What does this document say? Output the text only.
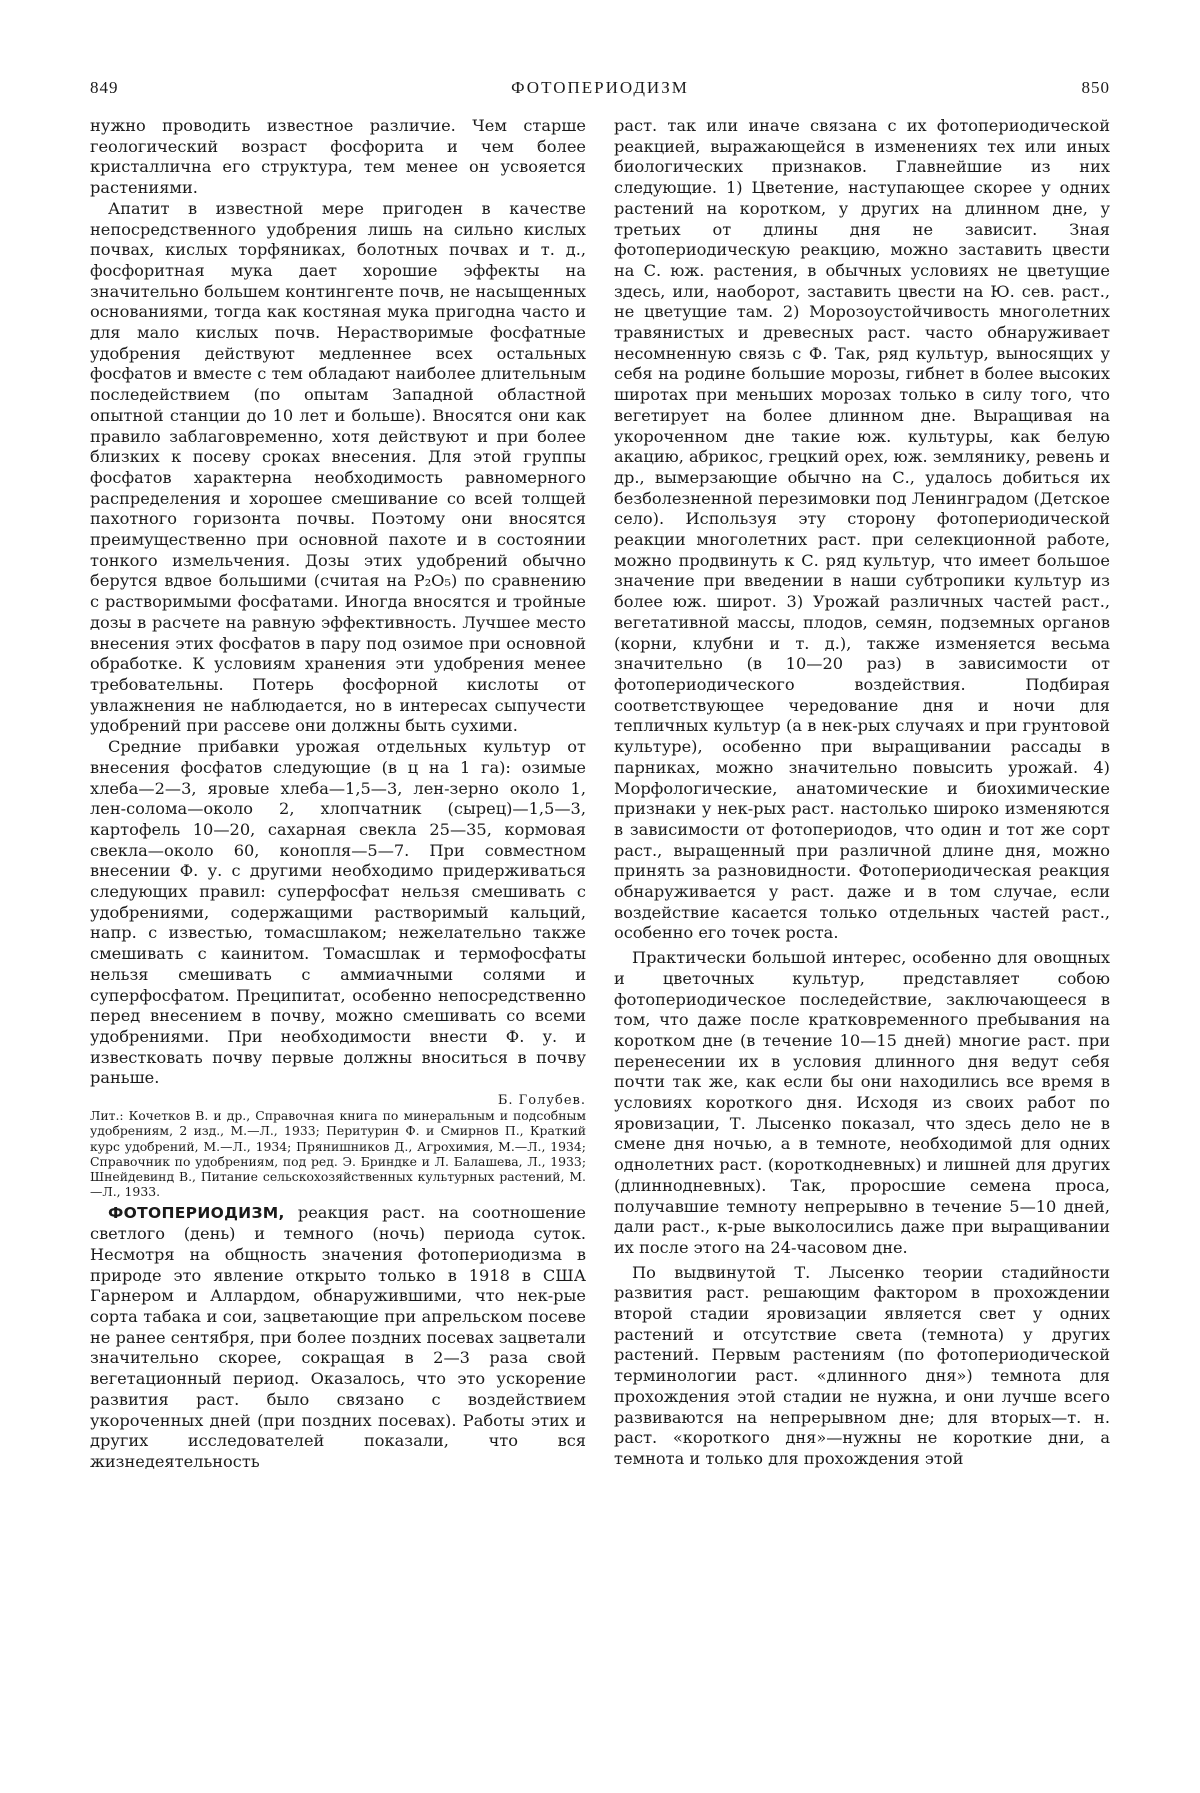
849	ФОТОПЕРИОДИЗМ	850

нужно проводить известное различие. Чем старше геологический возраст фосфорита и чем более кристаллична его структура, тем менее он усвояется растениями.

Апатит в известной мере пригоден в качестве непосредственного удобрения лишь на сильно кислых почвах, кислых торфяниках, болотных почвах и т. д., фосфоритная мука дает хорошие эффекты на значительно большем контингенте почв, не насыщенных основаниями, тогда как костяная мука пригодна часто и для мало кислых почв. Нерастворимые фосфатные удобрения действуют медленнее всех остальных фосфатов и вместе с тем обладают наиболее длительным последействием (по опытам Западной областной опытной станции до 10 лет и больше). Вносятся они как правило заблаговременно, хотя действуют и при более близких к посеву сроках внесения. Для этой группы фосфатов характерна необходимость равномерного распределения и хорошее смешивание со всей толщей пахотного горизонта почвы. Поэтому они вносятся преимущественно при основной пахоте и в состоянии тонкого измельчения. Дозы этих удобрений обычно берутся вдвое большими (считая на P₂O₅) по сравнению с растворимыми фосфатами. Иногда вносятся и тройные дозы в расчете на равную эффективность. Лучшее место внесения этих фосфатов в пару под озимое при основной обработке. К условиям хранения эти удобрения менее требовательны. Потерь фосфорной кислоты от увлажнения не наблюдается, но в интересах сыпучести удобрений при рассеве они должны быть сухими.

Средние прибавки урожая отдельных культур от внесения фосфатов следующие (в ц на 1 га): озимые хлеба—2—3, яровые хлеба—1,5—3, лен-зерно около 1, лен-солома—около 2, хлопчатник (сырец)—1,5—3, картофель 10—20, сахарная свекла 25—35, кормовая свекла—около 60, конопля—5—7. При совместном внесении Ф. у. с другими необходимо придерживаться следующих правил: суперфосфат нельзя смешивать с удобрениями, содержащими растворимый кальций, напр. с известью, томасшлаком; нежелательно также смешивать с каинитом. Томасшлак и термофосфаты нельзя смешивать с аммиачными солями и суперфосфатом. Преципитат, особенно непосредственно перед внесением в почву, можно смешивать со всеми удобрениями. При необходимости внести Ф. у. и известковать почву первые должны вноситься в почву раньше.

Б. Голубев.
Лит.: Кочетков В. и др., Справочная книга по минеральным и подсобным удобрениям, 2 изд., М.—Л., 1933; Перитурин Ф. и Смирнов П., Краткий курс удобрений, М.—Л., 1934; Прянишников Д., Агрохимия, М.—Л., 1934; Справочник по удобрениям, под ред. Э. Бриндке и Л. Балашева, Л., 1933; Шнейдевинд В., Питание сельскохозяйственных культурных растений, М.—Л., 1933.

ФОТОПЕРИОДИЗМ, реакция раст. на соотношение светлого (день) и темного (ночь) периода суток. Несмотря на общность значения фотопериодизма в природе это явление открыто только в 1918 в США Гарнером и Аллардом, обнаружившими, что нек-рые сорта табака и сои, зацветающие при апрельском посеве не ранее сентября, при более поздних посевах зацветали значительно скорее, сокращая в 2—3 раза свой вегетационный период. Оказалось, что это ускорение развития раст. было связано с воздействием укороченных дней (при поздних посевах). Работы этих и других исследователей показали, что вся жизнедеятельность

раст. так или иначе связана с их фотопериодической реакцией, выражающейся в изменениях тех или иных биологических признаков. Главнейшие из них следующие. 1) Цветение, наступающее скорее у одних растений на коротком, у других на длинном дне, у третьих от длины дня не зависит. Зная фотопериодическую реакцию, можно заставить цвести на С. юж. растения, в обычных условиях не цветущие здесь, или, наоборот, заставить цвести на Ю. сев. раст., не цветущие там. 2) Морозоустойчивость многолетних травянистых и древесных раст. часто обнаруживает несомненную связь с Ф. Так, ряд культур, выносящих у себя на родине большие морозы, гибнет в более высоких широтах при меньших морозах только в силу того, что вегетирует на более длинном дне. Выращивая на укороченном дне такие юж. культуры, как белую акацию, абрикос, грецкий орех, юж. землянику, ревень и др., вымерзающие обычно на С., удалось добиться их безболезненной перезимовки под Ленинградом (Детское село). Используя эту сторону фотопериодической реакции многолетних раст. при селекционной работе, можно продвинуть к С. ряд культур, что имеет большое значение при введении в наши субтропики культур из более юж. широт. 3) Урожай различных частей раст., вегетативной массы, плодов, семян, подземных органов (корни, клубни и т. д.), также изменяется весьма значительно (в 10—20 раз) в зависимости от фотопериодического воздействия. Подбирая соответствующее чередование дня и ночи для тепличных культур (а в нек-рых случаях и при грунтовой культуре), особенно при выращивании рассады в парниках, можно значительно повысить урожай. 4) Морфологические, анатомические и биохимические признаки у нек-рых раст. настолько широко изменяются в зависимости от фотопериодов, что один и тот же сорт раст., выращенный при различной длине дня, можно принять за разновидности. Фотопериодическая реакция обнаруживается у раст. даже и в том случае, если воздействие касается только отдельных частей раст., особенно его точек роста.

Практически большой интерес, особенно для овощных и цветочных культур, представляет собою фотопериодическое последействие, заключающееся в том, что даже после кратковременного пребывания на коротком дне (в течение 10—15 дней) многие раст. при перенесении их в условия длинного дня ведут себя почти так же, как если бы они находились все время в условиях короткого дня. Исходя из своих работ по яровизации, Т. Лысенко показал, что здесь дело не в смене дня ночью, а в темноте, необходимой для одних однолетних раст. (короткодневных) и лишней для других (длиннодневных). Так, проросшие семена проса, получавшие темноту непрерывно в течение 5—10 дней, дали раст., к-рые выколосились даже при выращивании их после этого на 24-часовом дне.

По выдвинутой Т. Лысенко теории стадийности развития раст. решающим фактором в прохождении второй стадии яровизации является свет у одних растений и отсутствие света (темнота) у других растений. Первым растениям (по фотопериодической терминологии раст. «длинного дня») темнота для прохождения этой стадии не нужна, и они лучше всего развиваются на непрерывном дне; для вторых—т. н. раст. «короткого дня»—нужны не короткие дни, а темнота и только для прохождения этой
